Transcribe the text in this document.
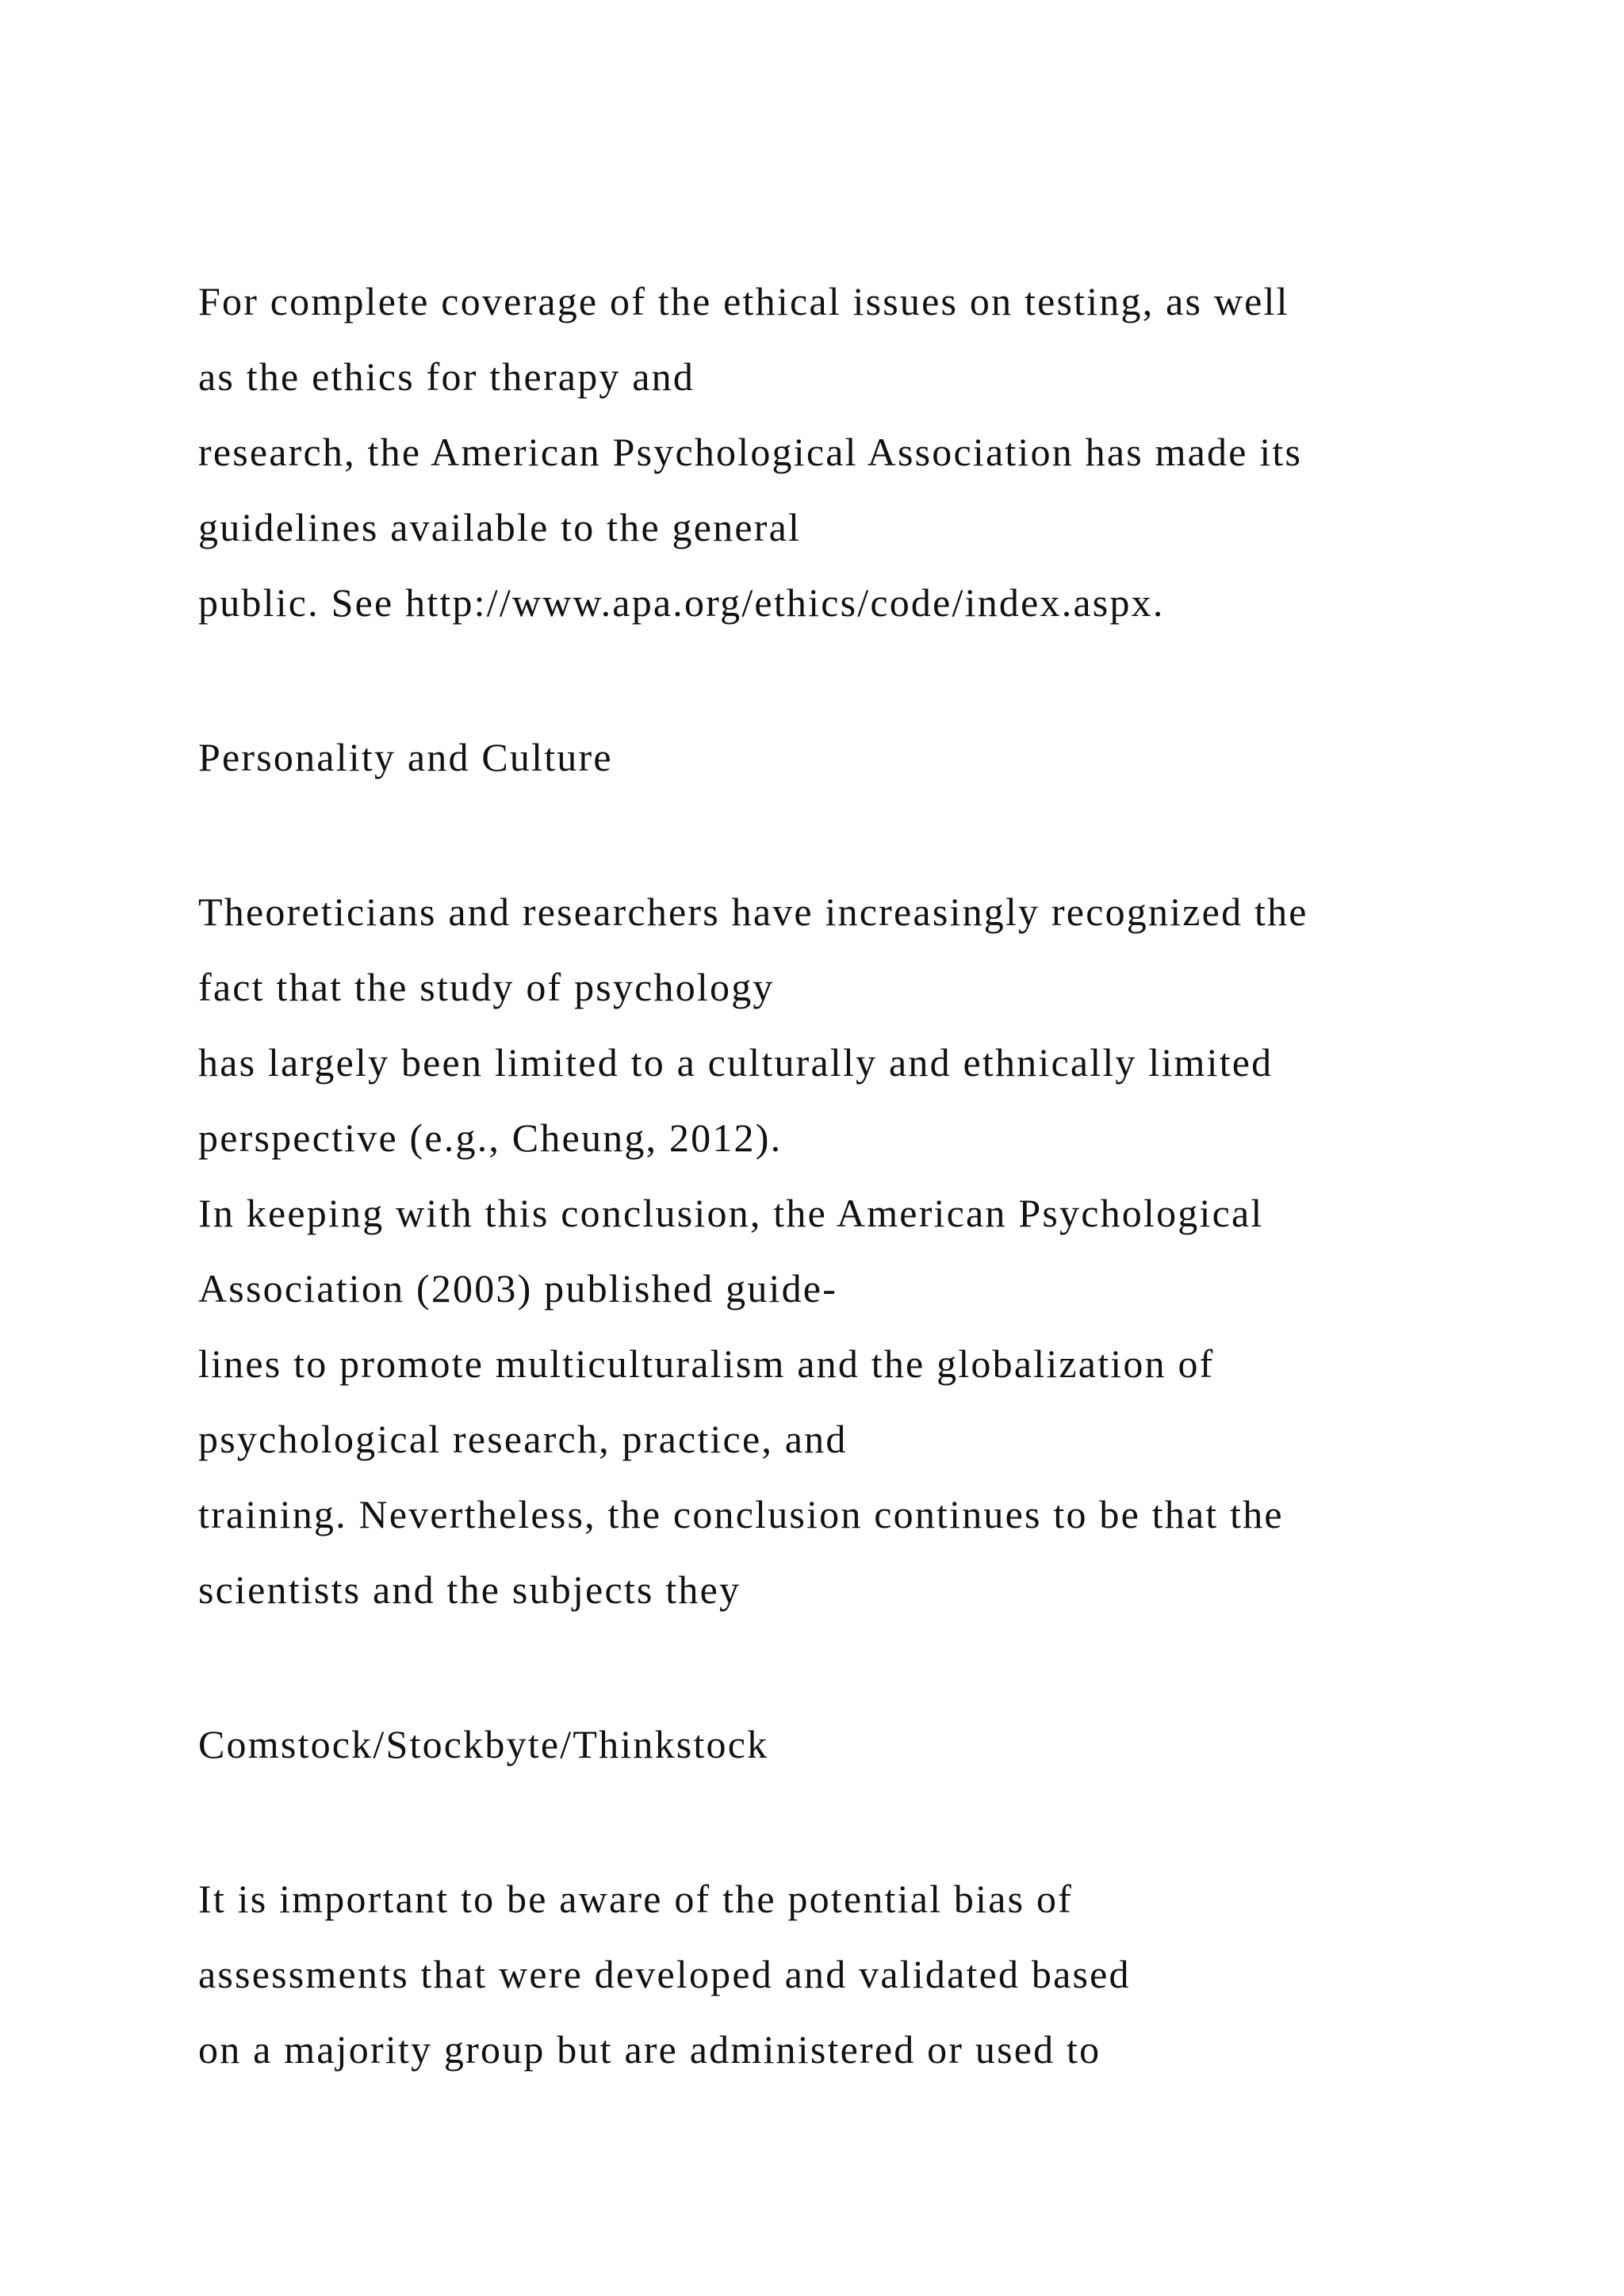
For complete coverage of the ethical issues on testing, as well

as the ethics for therapy and

research, the American Psychological Association has made its

guidelines available to the general

public. See http://www.apa.org/ethics/code/index.aspx.

Personality and Culture

Theoreticians and researchers have increasingly recognized the

fact that the study of psychology

has largely been limited to a culturally and ethnically limited

perspective (e.g., Cheung, 2012).

In keeping with this conclusion, the American Psychological

Association (2003) published guide-

lines to promote multiculturalism and the globalization of

psychological research, practice, and

training. Nevertheless, the conclusion continues to be that the

scientists and the subjects they

Comstock/Stockbyte/Thinkstock

It is important to be aware of the potential bias of

assessments that were developed and validated based

on a majority group but are administered or used to
